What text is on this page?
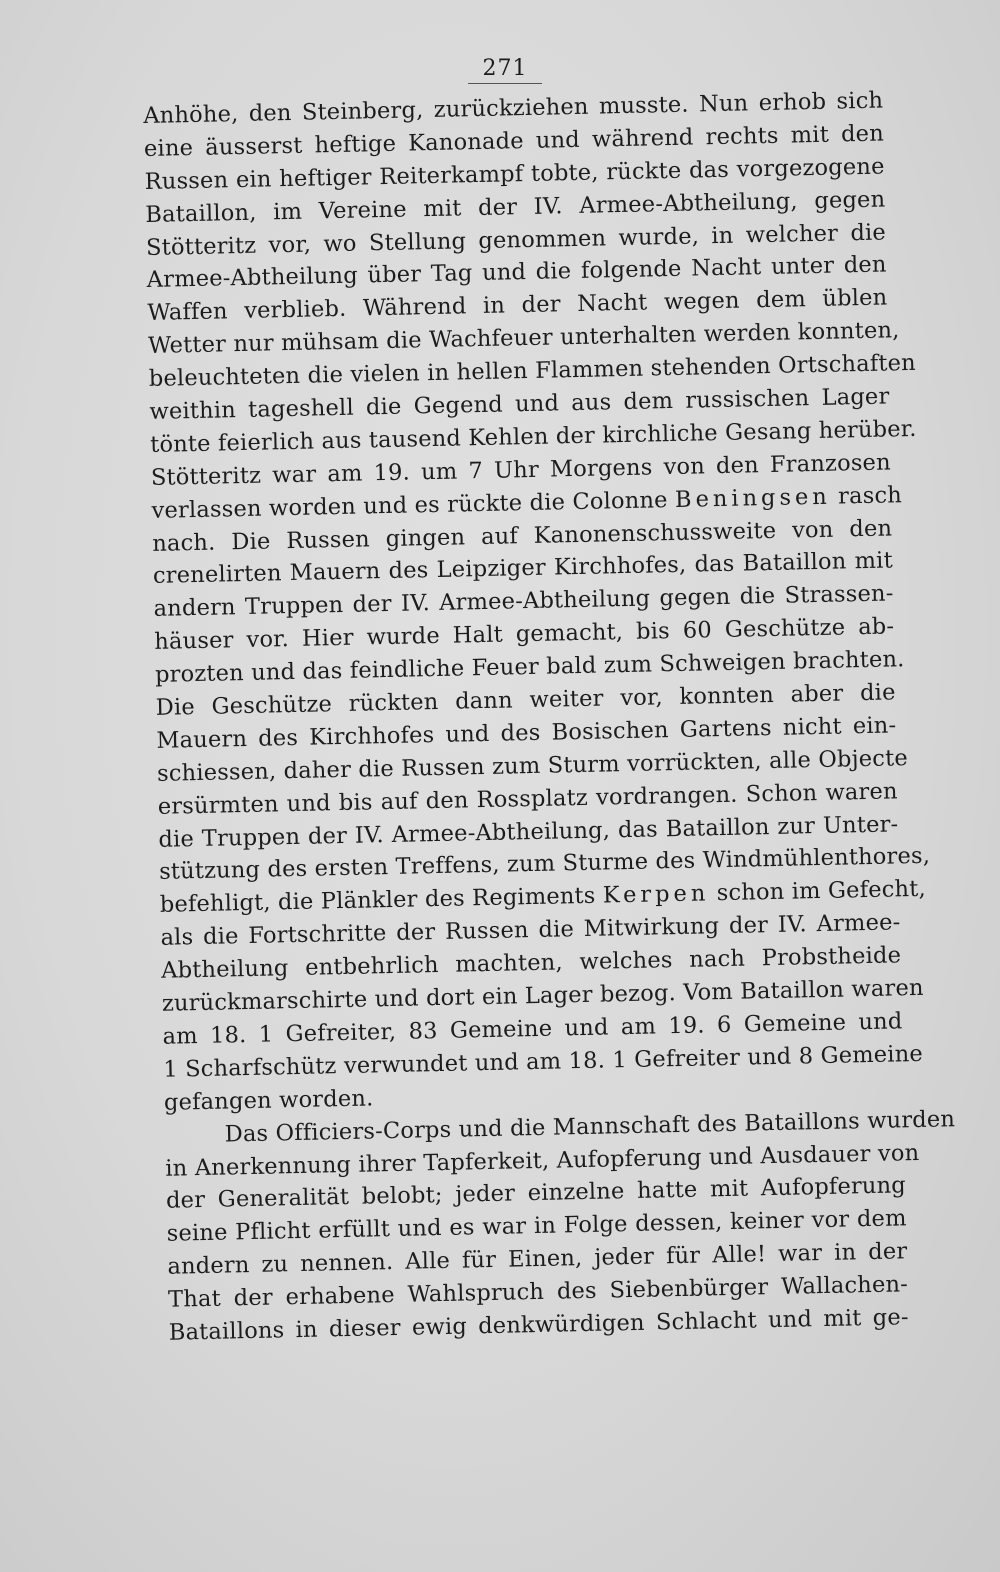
271
Anhöhe, den Steinberg, zurückziehen musste. Nun erhob sich
eine äusserst heftige Kanonade und während rechts mit den
Russen ein heftiger Reiterkampf tobte, rückte das vorgezogene
Bataillon, im Vereine mit der IV. Armee-Abtheilung, gegen
Stötteritz vor, wo Stellung genommen wurde, in welcher die
Armee-Abtheilung über Tag und die folgende Nacht unter den
Waffen verblieb. Während in der Nacht wegen dem üblen
Wetter nur mühsam die Wachfeuer unterhalten werden konnten,
beleuchteten die vielen in hellen Flammen stehenden Ortschaften
weithin tageshell die Gegend und aus dem russischen Lager
tönte feierlich aus tausend Kehlen der kirchliche Gesang herüber.
Stötteritz war am 19. um 7 Uhr Morgens von den Franzosen
verlassen worden und es rückte die Colonne Beningsen rasch
nach. Die Russen gingen auf Kanonenschussweite von den
crenelirten Mauern des Leipziger Kirchhofes, das Bataillon mit
andern Truppen der IV. Armee-Abtheilung gegen die Strassen-
häuser vor. Hier wurde Halt gemacht, bis 60 Geschütze ab-
prozten und das feindliche Feuer bald zum Schweigen brachten.
Die Geschütze rückten dann weiter vor, konnten aber die
Mauern des Kirchhofes und des Bosischen Gartens nicht ein-
schiessen, daher die Russen zum Sturm vorrückten, alle Objecte
ersürmten und bis auf den Rossplatz vordrangen. Schon waren
die Truppen der IV. Armee-Abtheilung, das Bataillon zur Unter-
stützung des ersten Treffens, zum Sturme des Windmühlenthores,
befehligt, die Plänkler des Regiments Kerpen schon im Gefecht,
als die Fortschritte der Russen die Mitwirkung der IV. Armee-
Abtheilung entbehrlich machten, welches nach Probstheide
zurückmarschirte und dort ein Lager bezog. Vom Bataillon waren
am 18. 1 Gefreiter, 83 Gemeine und am 19. 6 Gemeine und
1 Scharfschütz verwundet und am 18. 1 Gefreiter und 8 Gemeine
gefangen worden.
Das Officiers-Corps und die Mannschaft des Bataillons wurden
in Anerkennung ihrer Tapferkeit, Aufopferung und Ausdauer von
der Generalität belobt; jeder einzelne hatte mit Aufopferung
seine Pflicht erfüllt und es war in Folge dessen, keiner vor dem
andern zu nennen. Alle für Einen, jeder für Alle! war in der
That der erhabene Wahlspruch des Siebenbürger Wallachen-
Bataillons in dieser ewig denkwürdigen Schlacht und mit ge-
